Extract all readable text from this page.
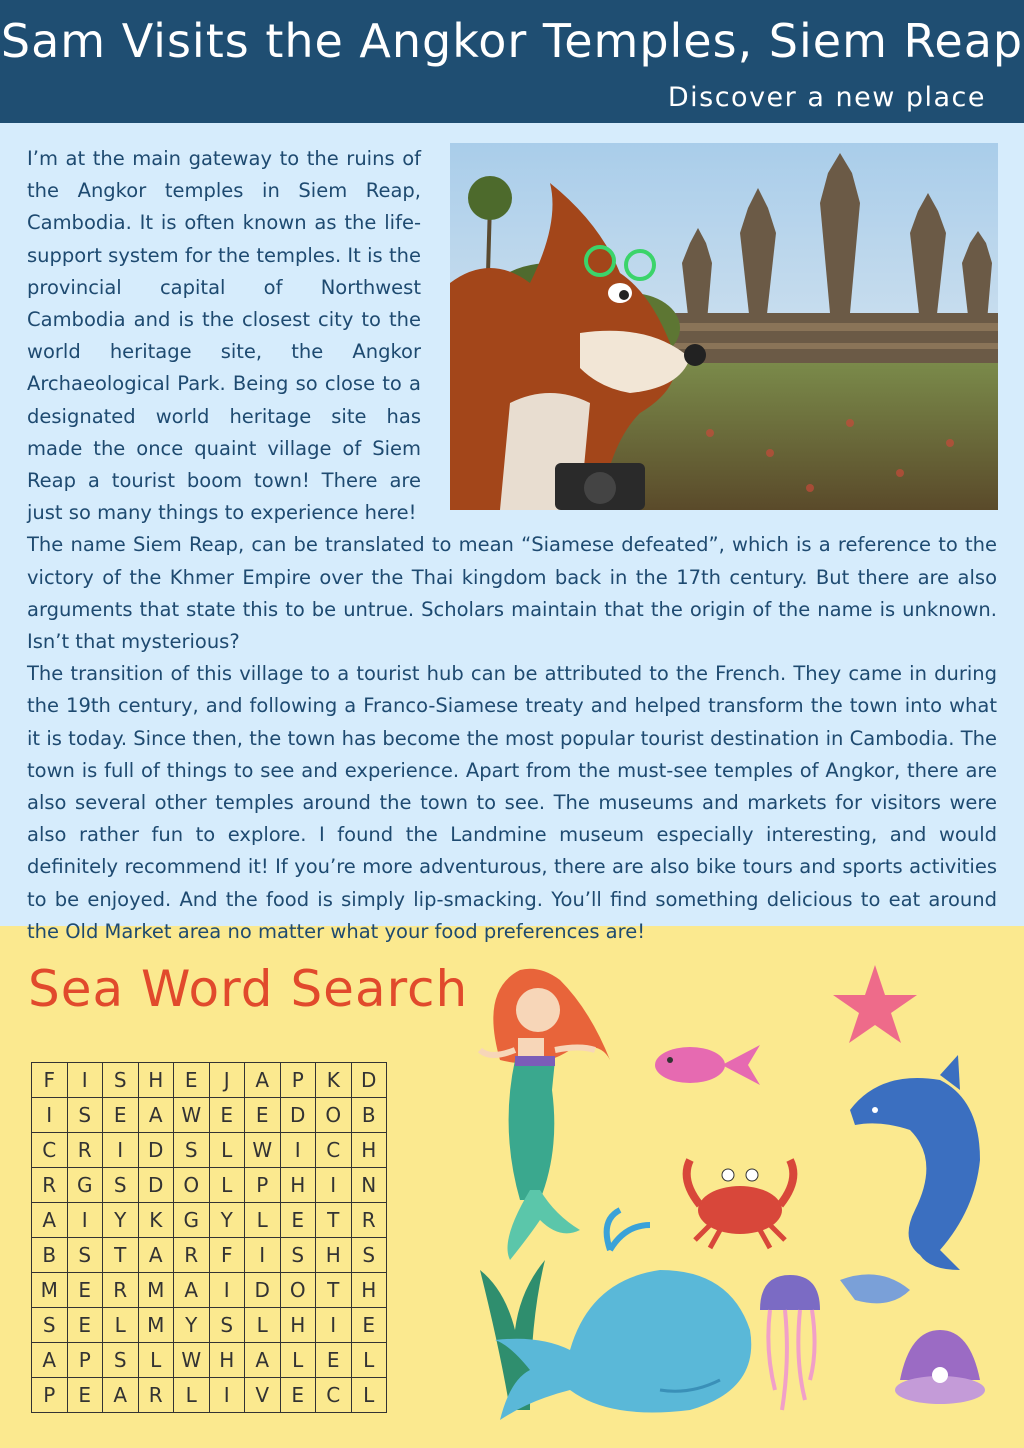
Sam Visits the Angkor Temples, Siem Reap
Discover a new place

I’m at the main gateway to the ruins of the Angkor temples in Siem Reap, Cambodia. It is often known as the life-support system for the temples. It is the provincial capital of Northwest Cambodia and is the closest city to the world heritage site, the Angkor Archaeological Park. Being so close to a designated world heritage site has made the once quaint village of Siem Reap a tourist boom town! There are just so many things to experience here!

The name Siem Reap, can be translated to mean “Siamese defeated”, which is a reference to the victory of the Khmer Empire over the Thai kingdom back in the 17th century. But there are also arguments that state this to be untrue. Scholars maintain that the origin of the name is unknown. Isn’t that mysterious?

The transition of this village to a tourist hub can be attributed to the French. They came in during the 19th century, and following a Franco-Siamese treaty and helped transform the town into what it is today. Since then, the town has become the most popular tourist destination in Cambodia. The town is full of things to see and experience. Apart from the must-see temples of Angkor, there are also several other temples around the town to see. The museums and markets for visitors were also rather fun to explore. I found the Landmine museum especially interesting, and would definitely recommend it! If you’re more adventurous, there are also bike tours and sports activities to be enjoyed. And the food is simply lip-smacking. You’ll find something delicious to eat around the Old Market area no matter what your food preferences are!

Sea Word Search
F	I	S	H	E	J	A	P	K	D
I	S	E	A	W	E	E	D	O	B
C	R	I	D	S	L	W	I	C	H
R	G	S	D	O	L	P	H	I	N
A	I	Y	K	G	Y	L	E	T	R
B	S	T	A	R	F	I	S	H	S
M	E	R	M	A	I	D	O	T	H
S	E	L	M	Y	S	L	H	I	E
A	P	S	L	W	H	A	L	E	L
P	E	A	R	L	I	V	E	C	L
